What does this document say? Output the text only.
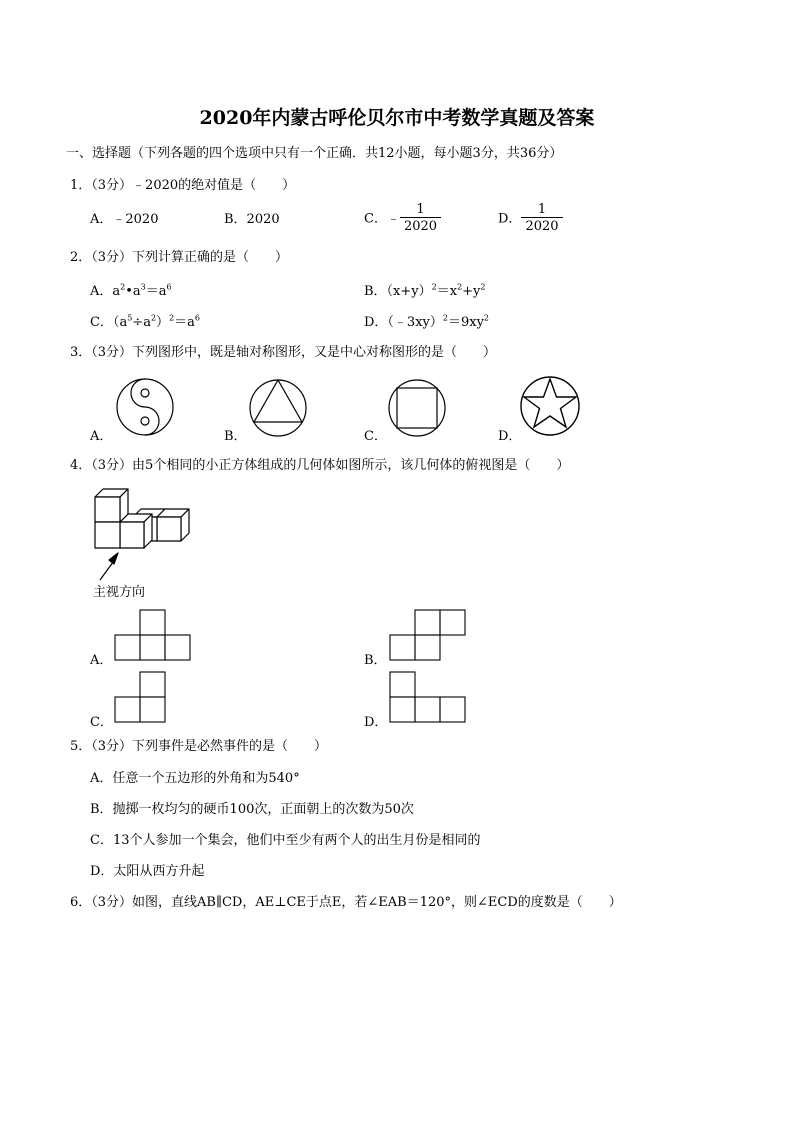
2020年内蒙古呼伦贝尔市中考数学真题及答案
一、选择题（下列各题的四个选项中只有一个正确．共12小题，每小题3分，共36分）
1．（3分）﹣2020的绝对值是（　　）
A．﹣2020	B．2020	C．﹣ $\frac{1}{2020}$	D． $\frac{1}{2020}$
2．（3分）下列计算正确的是（　　）
A．$a^2•a^3=a^6$	B．$(x+y)^2=x^2+y^2$
C．$(a^5\div a^2)^2=a^6$	D．$(﹣3xy)^2=9xy^2$
3．（3分）下列图形中，既是轴对称图形，又是中心对称图形的是（　　）
A．	B．	C．	D．
4．（3分）由5个相同的小正方体组成的几何体如图所示，该几何体的俯视图是（　　）
主视方向
A．	B．
C．	D．
5．（3分）下列事件是必然事件的是（　　）
A．任意一个五边形的外角和为540°
B．抛掷一枚均匀的硬币100次，正面朝上的次数为50次
C．13个人参加一个集会，他们中至少有两个人的出生月份是相同的
D．太阳从西方升起
6．（3分）如图，直线AB∥CD，AE⊥CE于点E，若∠EAB＝120°，则∠ECD的度数是（　　）
